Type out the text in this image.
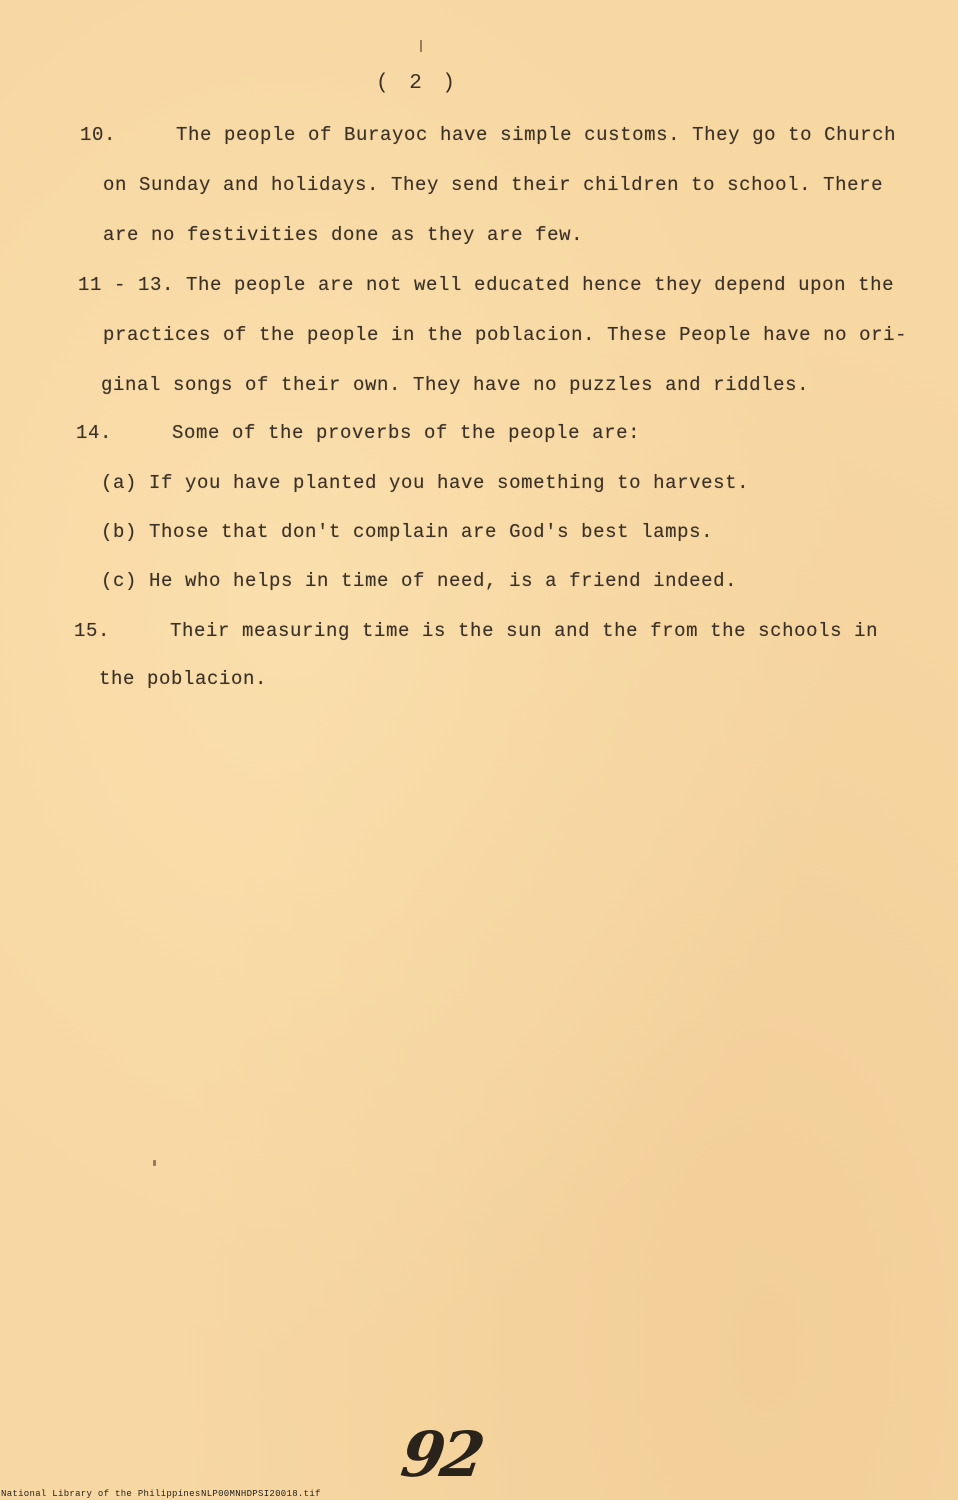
( 2 )
10.     The people of Burayoc have simple customs. They go to Church
on Sunday and holidays. They send their children to school. There
are no festivities done as they are few.
11 - 13. The people are not well educated hence they depend upon the
practices of the people in the poblacion. These People have no ori-
ginal songs of their own. They have no puzzles and riddles.
14.     Some of the proverbs of the people are:
(a) If you have planted you have something to harvest.
(b) Those that don't complain are God's best lamps.
(c) He who helps in time of need, is a friend indeed.
15.     Their measuring time is the sun and the from the schools in
the poblacion.
92
National Library of the Philippines NLP00MNHDPSI20018.tif
